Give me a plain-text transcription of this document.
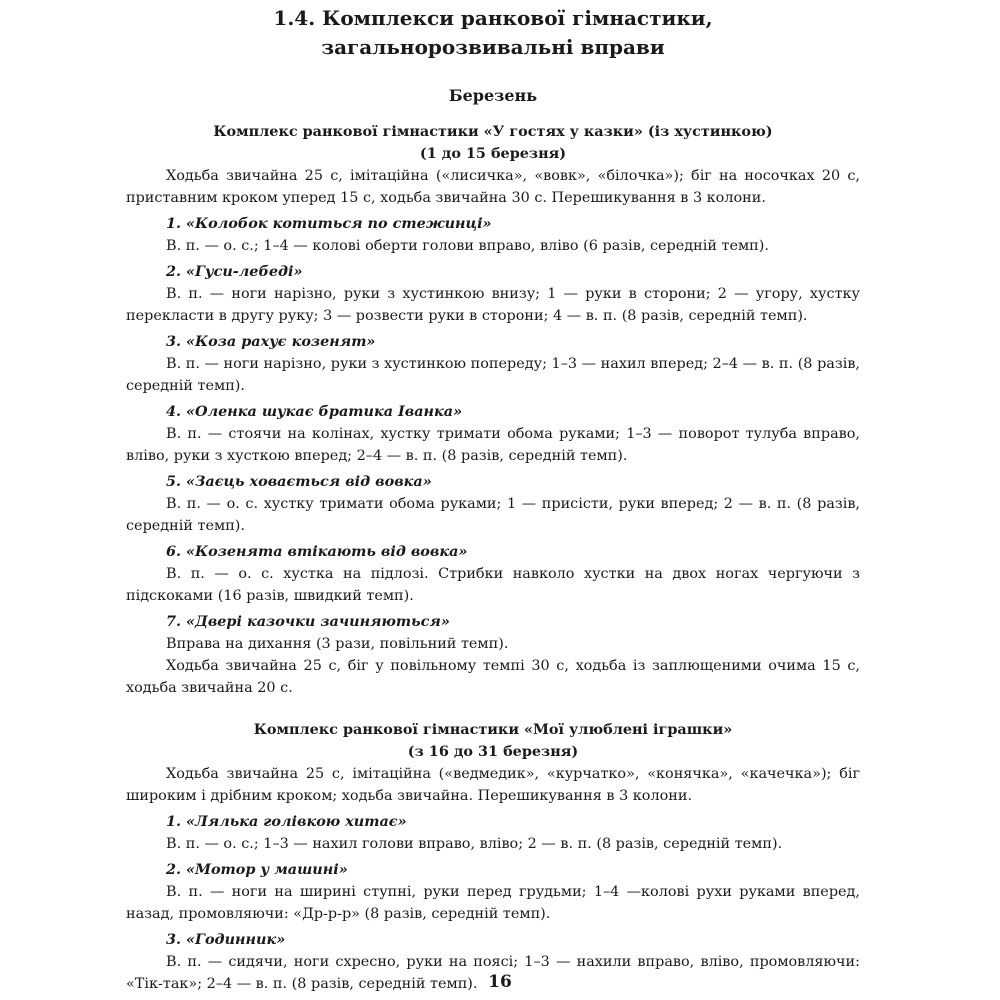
1.4. Комплекси ранкової гімнастики,
загальнорозвивальні вправи
Березень
Комплекс ранкової гімнастики «У гостях у казки» (із хустинкою)
(1 до 15 березня)

Ходьба звичайна 25 с, імітаційна («лисичка», «вовк», «білочка»); біг на носочках 20 с, приставним кроком уперед 15 с, ходьба звичайна 30 с. Перешикування в 3 колони.

1. «Колобок котиться по стежинці»

В. п. — о. с.; 1–4 — колові оберти голови вправо, вліво (6 разів, середній темп).

2. «Гуси-лебеді»

В. п. — ноги нарізно, руки з хустинкою внизу; 1 — руки в сторони; 2 — угору, хустку перекласти в другу руку; 3 — розвести руки в сторони; 4 — в. п. (8 разів, середній темп).

3. «Коза рахує козенят»

В. п. — ноги нарізно, руки з хустинкою попереду; 1–3 — нахил вперед; 2–4 — в. п. (8 разів, середній темп).

4. «Оленка шукає братика Іванка»

В. п. — стоячи на колінах, хустку тримати обома руками; 1–3 — поворот тулуба вправо, вліво, руки з хусткою вперед; 2–4 — в. п. (8 разів, середній темп).

5. «Заєць ховається від вовка»

В. п. — о. с. хустку тримати обома руками; 1 — присісти, руки вперед; 2 — в. п. (8 разів, середній темп).

6. «Козенята втікають від вовка»

В. п. — о. с. хустка на підлозі. Стрибки навколо хустки на двох ногах чергуючи з підскоками (16 разів, швидкий темп).

7. «Двері казочки зачиняються»

Вправа на дихання (3 рази, повільний темп).

Ходьба звичайна 25 с, біг у повільному темпі 30 с, ходьба із заплющеними очима 15 с, ходьба звичайна 20 с.

Комплекс ранкової гімнастики «Мої улюблені іграшки»
(з 16 до 31 березня)

Ходьба звичайна 25 с, імітаційна («ведмедик», «курчатко», «конячка», «качечка»); біг широким і дрібним кроком; ходьба звичайна. Перешикування в 3 колони.

1. «Лялька голівкою хитає»

В. п. — о. с.; 1–3 — нахил голови вправо, вліво; 2 — в. п. (8 разів, середній темп).

2. «Мотор у машині»

В. п. — ноги на ширині ступні, руки перед грудьми; 1–4 —колові рухи руками вперед, назад, промовляючи: «Др-р-р» (8 разів, середній темп).

3. «Годинник»

В. п. — сидячи, ноги схресно, руки на поясі; 1–3 — нахили вправо, вліво, промовляючи: «Тік-так»; 2–4 — в. п. (8 разів, середній темп). 16
